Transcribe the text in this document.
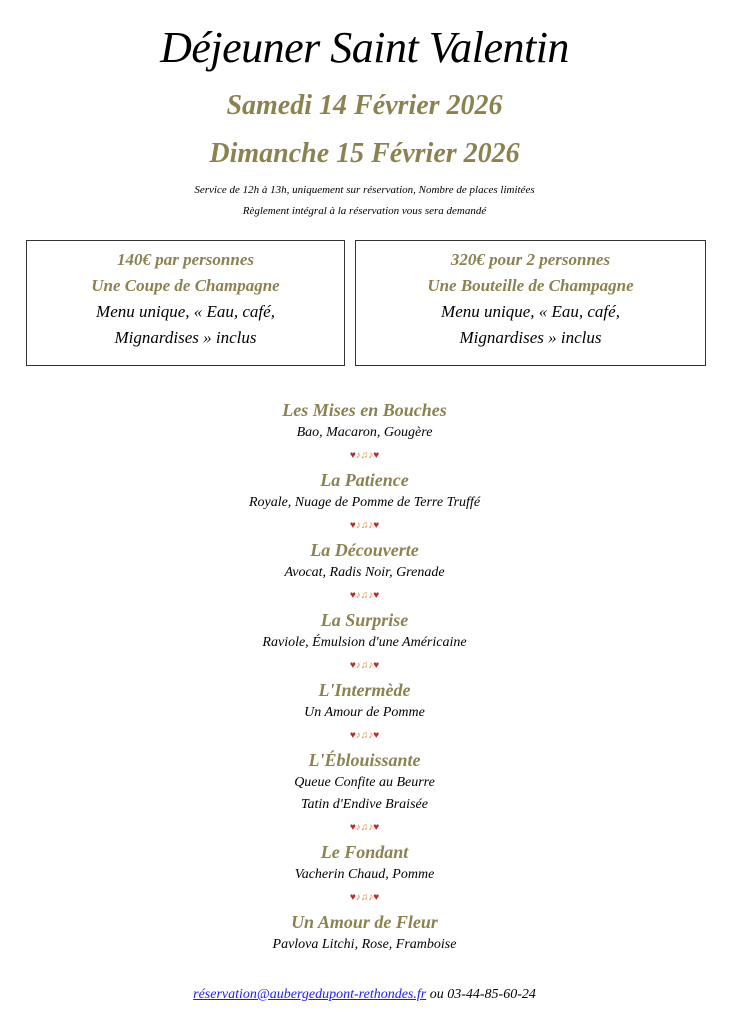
Déjeuner Saint Valentin
Samedi 14 Février 2026
Dimanche 15 Février 2026
Service de 12h à 13h, uniquement sur réservation, Nombre de places limitées
Règlement intégral à la réservation vous sera demandé
140€ par personnes
Une Coupe de Champagne
Menu unique, « Eau, café,
Mignardises » inclus
320€ pour 2 personnes
Une Bouteille de Champagne
Menu unique, « Eau, café,
Mignardises » inclus
Les Mises en Bouches
Bao, Macaron, Gougère
♥♪♫♪♥
La Patience
Royale, Nuage de Pomme de Terre Truffé
♥♪♫♪♥
La Découverte
Avocat, Radis Noir, Grenade
♥♪♫♪♥
La Surprise
Raviole, Émulsion d'une Américaine
♥♪♫♪♥
L'Intermède
Un Amour de Pomme
♥♪♫♪♥
L'Éblouissante
Queue Confite au Beurre
Tatin d'Endive Braisée
♥♪♫♪♥
Le Fondant
Vacherin Chaud, Pomme
♥♪♫♪♥
Un Amour de Fleur
Pavlova Litchi, Rose, Framboise
réservation@aubergedupont-rethondes.fr ou 03-44-85-60-24
